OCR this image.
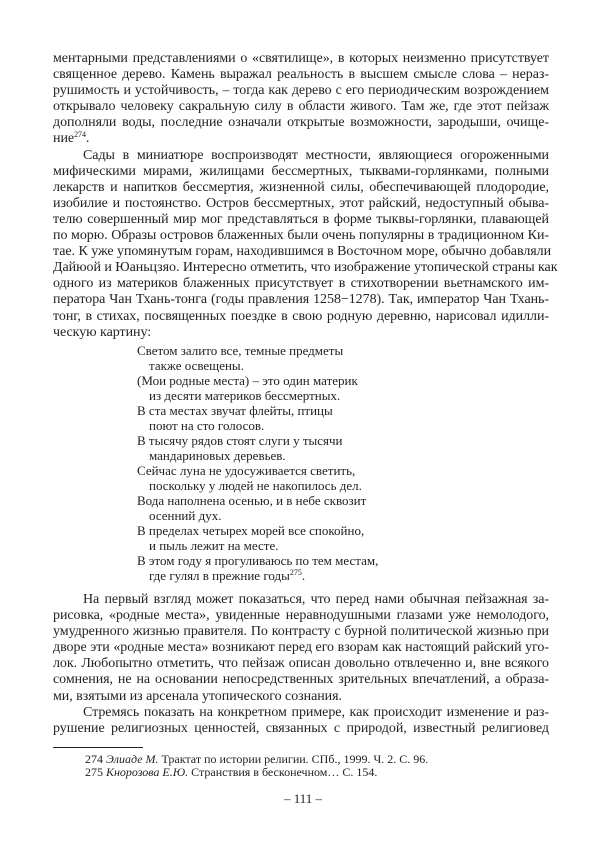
ментарными представлениями о «святилище», в которых неизменно присутствует
священное дерево. Камень выражал реальность в высшем смысле слова – нераз-
рушимость и устойчивость, – тогда как дерево с его периодическим возрождением
открывало человеку сакральную силу в области живого. Там же, где этот пейзаж
дополняли воды, последние означали открытые возможности, зародыши, очище-
ние$^{274}$.

Сады в миниатюре воспроизводят местности, являющиеся огороженными
мифическими мирами, жилищами бессмертных, тыквами-горлянками, полными
лекарств и напитков бессмертия, жизненной силы, обеспечивающей плодородие,
изобилие и постоянство. Остров бессмертных, этот райский, недоступный обыва-
телю совершенный мир мог представляться в форме тыквы-горлянки, плавающей
по морю. Образы островов блаженных были очень популярны в традиционном Ки-
тае. К уже упомянутым горам, находившимся в Восточном море, обычно добавляли
Дайюой и Юаньцзяо. Интересно отметить, что изображение утопической страны как
одного из материков блаженных присутствует в стихотворении вьетнамского им-
ператора Чан Тхань-тонга (годы правления 1258−1278). Так, император Чан Тхань-
тонг, в стихах, посвященных поездке в свою родную деревню, нарисовал идилли-
ческую картину:

Светом залито все, темные предметы
также освещены.
(Мои родные места) – это один материк
из десяти материков бессмертных.
В ста местах звучат флейты, птицы
поют на сто голосов.
В тысячу рядов стоят слуги у тысячи
мандариновых деревьев.
Сейчас луна не удосуживается светить,
поскольку у людей не накопилось дел.
Вода наполнена осенью, и в небе сквозит
осенний дух.
В пределах четырех морей все спокойно,
и пыль лежит на месте.
В этом году я прогуливаюсь по тем местам,
где гулял в прежние годы$^{275}$.

На первый взгляд может показаться, что перед нами обычная пейзажная за-
рисовка, «родные места», увиденные неравнодушными глазами уже немолодого,
умудренного жизнью правителя. По контрасту с бурной политической жизнью при
дворе эти «родные места» возникают перед его взорам как настоящий райский уго-
лок. Любопытно отметить, что пейзаж описан довольно отвлеченно и, вне всякого
сомнения, не на основании непосредственных зрительных впечатлений, а образа-
ми, взятыми из арсенала утопического сознания.

Стремясь показать на конкретном примере, как происходит изменение и раз-
рушение религиозных ценностей, связанных с природой, известный религиовед

274 Элиаде М. Трактат по истории религии. СПб., 1999. Ч. 2. С. 96.
275 Кнорозова Е.Ю. Странствия в бесконечном… С. 154.
– 111 –
